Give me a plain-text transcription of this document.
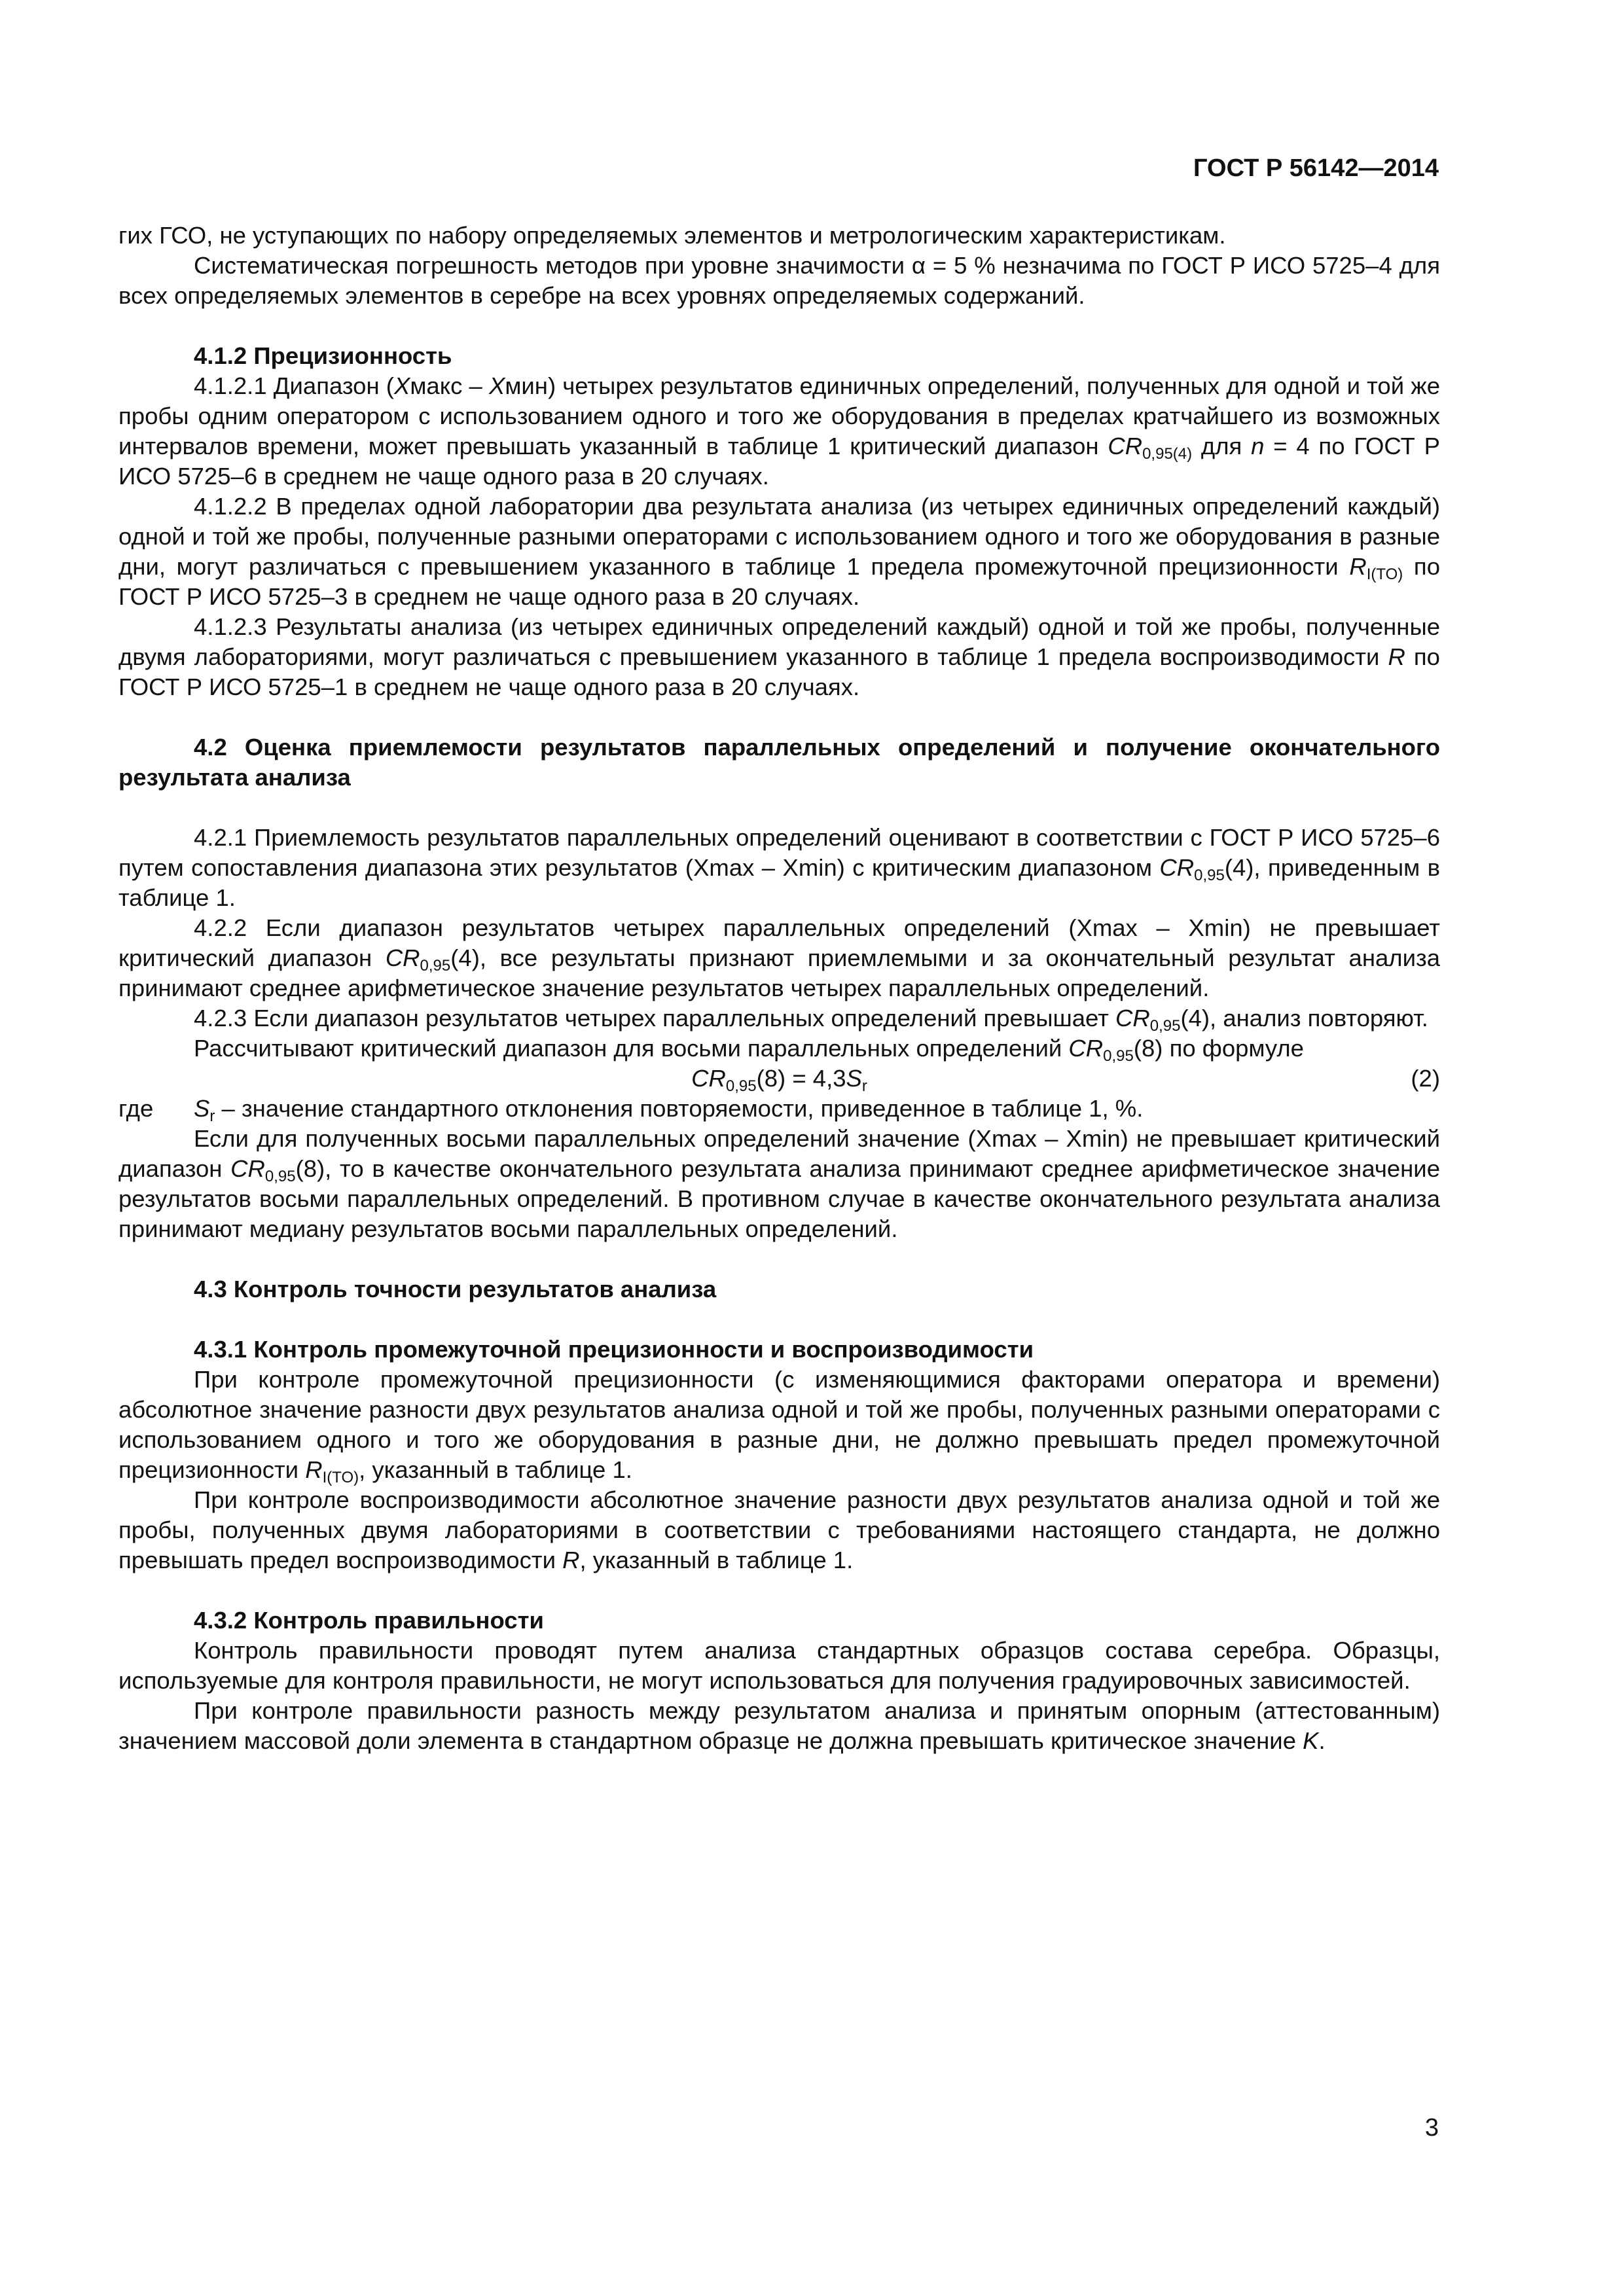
ГОСТ Р 56142—2014

гих ГСО, не уступающих по набору определяемых элементов и метрологическим характеристикам.

Систематическая погрешность методов при уровне значимости α = 5 % незначима по ГОСТ Р ИСО 5725–4 для всех определяемых элементов в серебре на всех уровнях определяемых содержаний.

4.1.2 Прецизионность

4.1.2.1 Диапазон (Хмакс – Хмин) четырех результатов единичных определений, полученных для одной и той же пробы одним оператором с использованием одного и того же оборудования в пределах кратчайшего из возможных интервалов времени, может превышать указанный в таблице 1 критический диапазон $CR_{0,95(4)}$ для n = 4 по ГОСТ Р ИСО 5725–6 в среднем не чаще одного раза в 20 случаях.

4.1.2.2 В пределах одной лаборатории два результата анализа (из четырех единичных определений каждый) одной и той же пробы, полученные разными операторами с использованием одного и того же оборудования в разные дни, могут различаться с превышением указанного в таблице 1 предела промежуточной прецизионности $R_{I(TO)}$ по ГОСТ Р ИСО 5725–3 в среднем не чаще одного раза в 20 случаях.

4.1.2.3 Результаты анализа (из четырех единичных определений каждый) одной и той же пробы, полученные двумя лабораториями, могут различаться с превышением указанного в таблице 1 предела воспроизводимости R по ГОСТ Р ИСО 5725–1 в среднем не чаще одного раза в 20 случаях.

4.2 Оценка приемлемости результатов параллельных определений и получение окончательного результата анализа

4.2.1 Приемлемость результатов параллельных определений оценивают в соответствии с ГОСТ Р ИСО 5725–6 путем сопоставления диапазона этих результатов (Xmax – Xmin) с критическим диапазоном $CR_{0,95}(4)$, приведенным в таблице 1.

4.2.2 Если диапазон результатов четырех параллельных определений (Xmax – Xmin) не превышает критический диапазон $CR_{0,95}(4)$, все результаты признают приемлемыми и за окончательный результат анализа принимают среднее арифметическое значение результатов четырех параллельных определений.

4.2.3 Если диапазон результатов четырех параллельных определений превышает $CR_{0,95}(4)$, анализ повторяют.

Рассчитывают критический диапазон для восьми параллельных определений $CR_{0,95}(8)$ по формуле

$CR_{0,95}(8) = 4,3S_r$	(2)

где $S_r$ – значение стандартного отклонения повторяемости, приведенное в таблице 1, %.

Если для полученных восьми параллельных определений значение (Xmax – Xmin) не превышает критический диапазон $CR_{0,95}(8)$, то в качестве окончательного результата анализа принимают среднее арифметическое значение результатов восьми параллельных определений. В противном случае в качестве окончательного результата анализа принимают медиану результатов восьми параллельных определений.

4.3 Контроль точности результатов анализа

4.3.1 Контроль промежуточной прецизионности и воспроизводимости

При контроле промежуточной прецизионности (с изменяющимися факторами оператора и времени) абсолютное значение разности двух результатов анализа одной и той же пробы, полученных разными операторами с использованием одного и того же оборудования в разные дни, не должно превышать предел промежуточной прецизионности $R_{I(TO)}$, указанный в таблице 1.

При контроле воспроизводимости абсолютное значение разности двух результатов анализа одной и той же пробы, полученных двумя лабораториями в соответствии с требованиями настоящего стандарта, не должно превышать предел воспроизводимости R, указанный в таблице 1.

4.3.2 Контроль правильности

Контроль правильности проводят путем анализа стандартных образцов состава серебра. Образцы, используемые для контроля правильности, не могут использоваться для получения градуировочных зависимостей.

При контроле правильности разность между результатом анализа и принятым опорным (аттестованным) значением массовой доли элемента в стандартном образце не должна превышать критическое значение K.

3
